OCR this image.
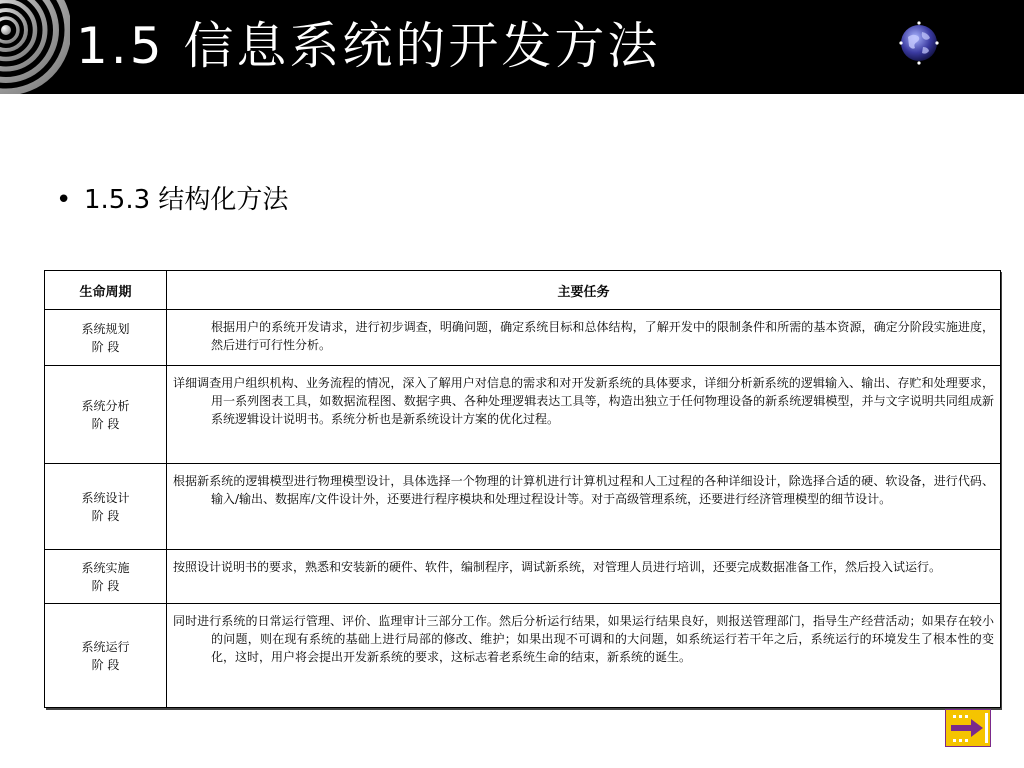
1.5 信息系统的开发方法
• 1.5.3 结构化方法
生命周期	主要任务

系统规划
阶 段	根据用户的系统开发请求，进行初步调查，明确问题，确定系统目标和总体结构，了解开发中的限制条件和所需的基本资源，确定分阶段实施进度，然后进行可行性分析。

系统分析
阶 段	详细调查用户组织机构、业务流程的情况，深入了解用户对信息的需求和对开发新系统的具体要求，详细分析新系统的逻辑输入、输出、存贮和处理要求，用一系列图表工具，如数据流程图、数据字典、各种处理逻辑表达工具等，构造出独立于任何物理设备的新系统逻辑模型，并与文字说明共同组成新系统逻辑设计说明书。系统分析也是新系统设计方案的优化过程。

系统设计
阶 段	根据新系统的逻辑模型进行物理模型设计，具体选择一个物理的计算机进行计算机过程和人工过程的各种详细设计，除选择合适的硬、软设备，进行代码、输入/输出、数据库/文件设计外，还要进行程序模块和处理过程设计等。对于高级管理系统，还要进行经济管理模型的细节设计。

系统实施
阶 段	按照设计说明书的要求，熟悉和安装新的硬件、软件，编制程序，调试新系统，对管理人员进行培训，还要完成数据准备工作，然后投入试运行。

系统运行
阶 段	同时进行系统的日常运行管理、评价、监理审计三部分工作。然后分析运行结果，如果运行结果良好，则报送管理部门，指导生产经营活动；如果存在较小的问题，则在现有系统的基础上进行局部的修改、维护；如果出现不可调和的大问题，如系统运行若干年之后，系统运行的环境发生了根本性的变化，这时，用户将会提出开发新系统的要求，这标志着老系统生命的结束，新系统的诞生。
